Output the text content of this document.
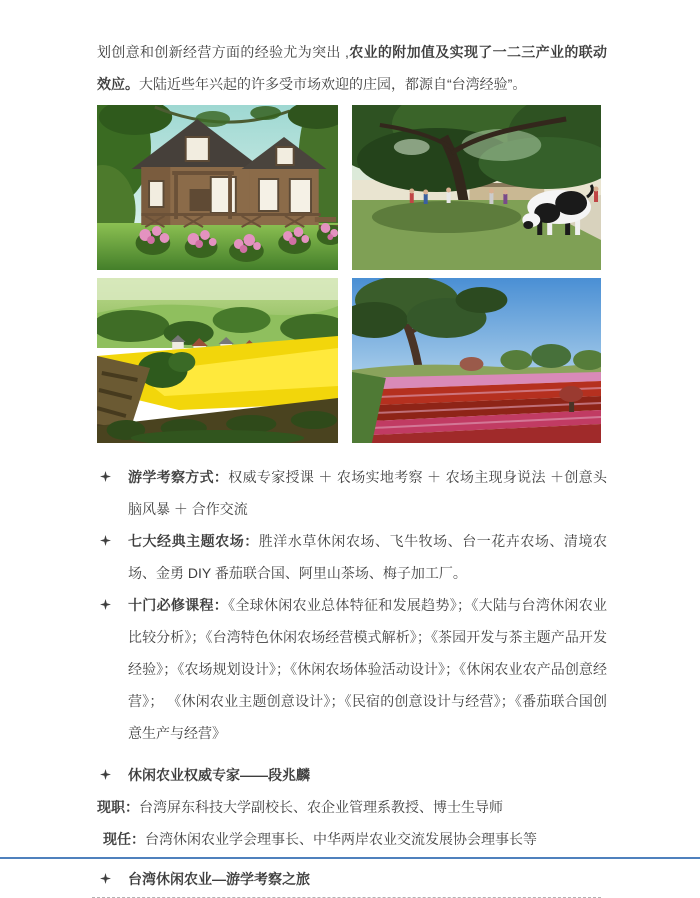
划创意和创新经营方面的经验尤为突出 ,农业的附加值及实现了一二三产业的联动效应。大陆近些年兴起的许多受市场欢迎的庄园，都源自“台湾经验”。

游学考察方式：权威专家授课 ＋ 农场实地考察 ＋ 农场主现身说法 ＋创意头脑风暴 ＋ 合作交流
七大经典主题农场：胜洋水草休闲农场、飞牛牧场、台一花卉农场、清境农场、金勇 DIY 番茄联合国、阿里山茶场、梅子加工厂。
十门必修课程：《全球休闲农业总体特征和发展趋势》；《大陆与台湾休闲农业比较分析》；《台湾特色休闲农场经营模式解析》；《茶园开发与茶主题产品开发经验》；《农场规划设计》；《休闲农场体验活动设计》；《休闲农业农产品创意经营》； 《休闲农业主题创意设计》；《民宿的创意设计与经营》；《番茄联合国创意生产与经营》
休闲农业权威专家——段兆麟

现职：台湾屏东科技大学副校长、农企业管理系教授、博士生导师

现任：台湾休闲农业学会理事长、中华两岸农业交流发展协会理事长等

台湾休闲农业—游学考察之旅
